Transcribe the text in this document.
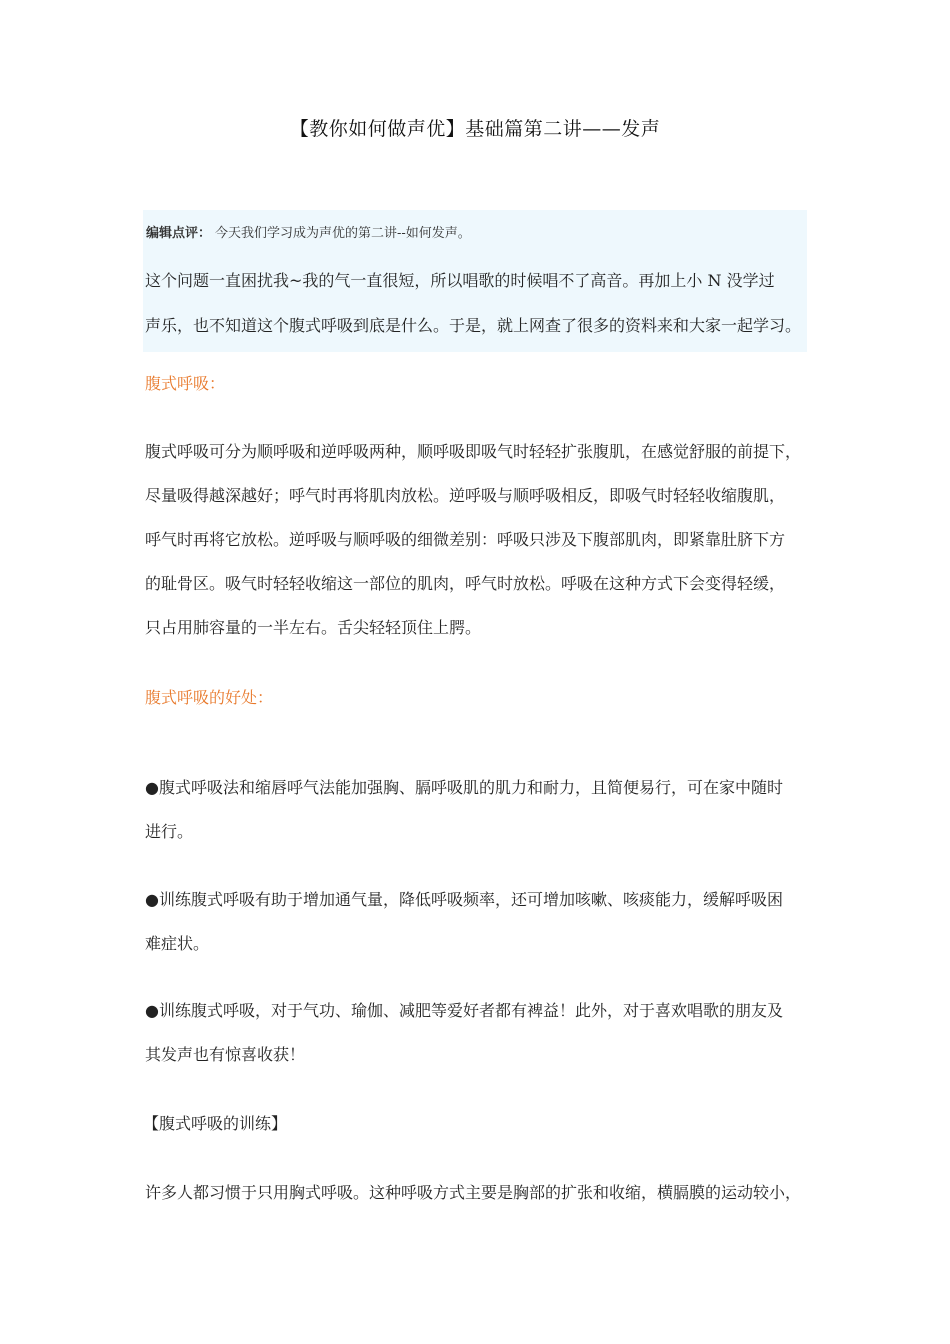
【教你如何做声优】基础篇第二讲——发声
编辑点评： 今天我们学习成为声优的第二讲--如何发声。

这个问题一直困扰我~我的气一直很短，所以唱歌的时候唱不了高音。再加上小 N 没学过

声乐，也不知道这个腹式呼吸到底是什么。于是，就上网查了很多的资料来和大家一起学习。

腹式呼吸：

腹式呼吸可分为顺呼吸和逆呼吸两种，顺呼吸即吸气时轻轻扩张腹肌，在感觉舒服的前提下，

尽量吸得越深越好；呼气时再将肌肉放松。逆呼吸与顺呼吸相反，即吸气时轻轻收缩腹肌，

呼气时再将它放松。逆呼吸与顺呼吸的细微差别：呼吸只涉及下腹部肌肉，即紧靠肚脐下方

的耻骨区。吸气时轻轻收缩这一部位的肌肉，呼气时放松。呼吸在这种方式下会变得轻缓，

只占用肺容量的一半左右。舌尖轻轻顶住上腭。

腹式呼吸的好处：

●腹式呼吸法和缩唇呼气法能加强胸、膈呼吸肌的肌力和耐力，且简便易行，可在家中随时

进行。

●训练腹式呼吸有助于增加通气量，降低呼吸频率，还可增加咳嗽、咳痰能力，缓解呼吸困

难症状。

●训练腹式呼吸，对于气功、瑜伽、减肥等爱好者都有裨益！此外，对于喜欢唱歌的朋友及

其发声也有惊喜收获！

【腹式呼吸的训练】

许多人都习惯于只用胸式呼吸。这种呼吸方式主要是胸部的扩张和收缩，横膈膜的运动较小，
